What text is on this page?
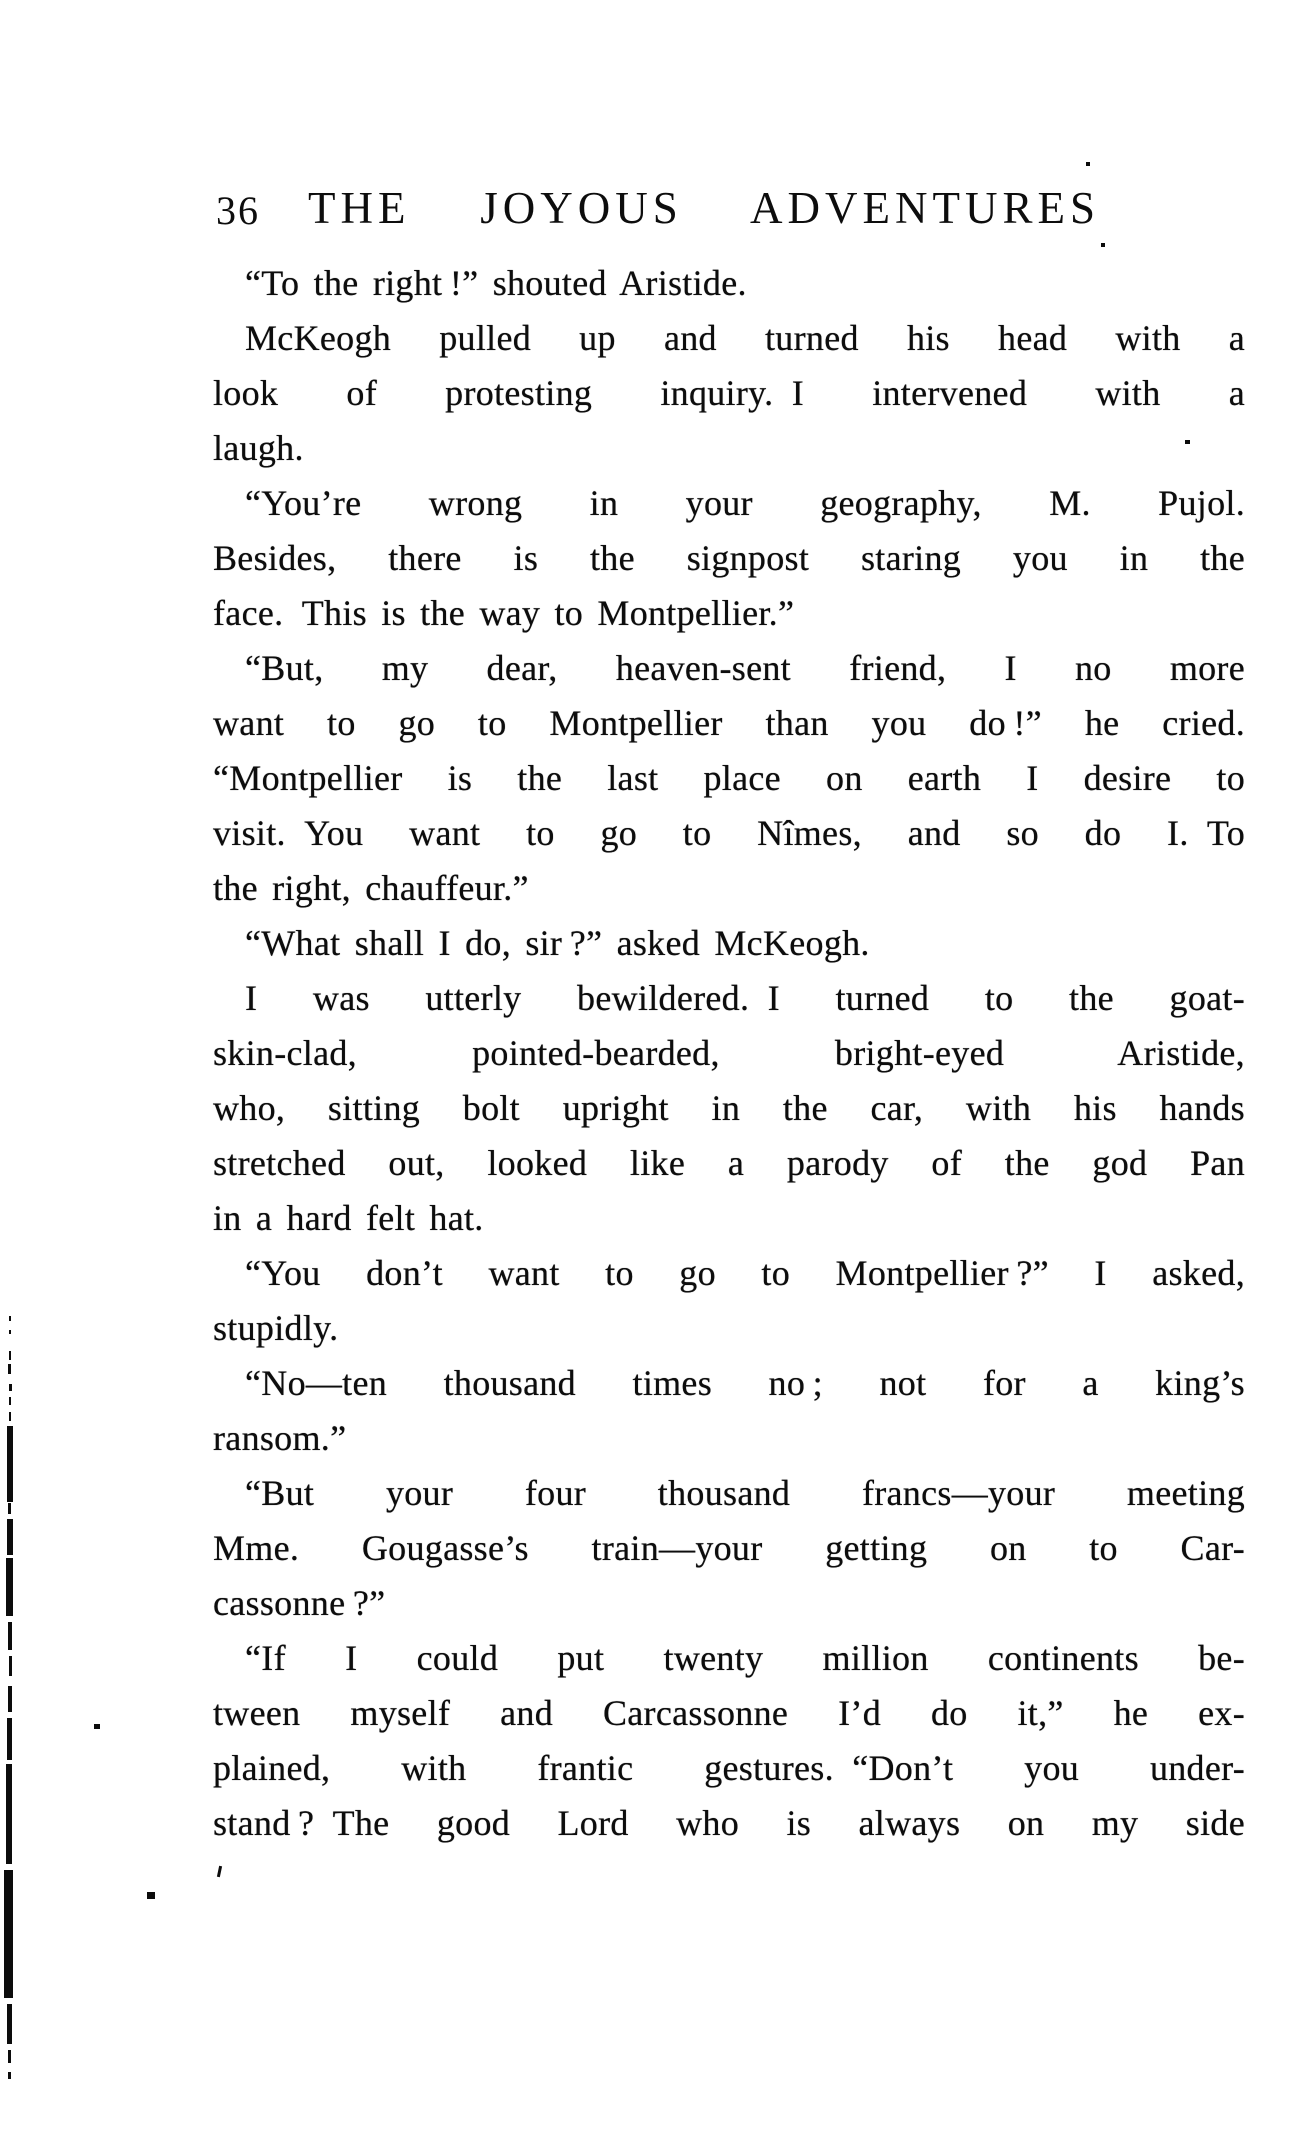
36 THE JOYOUS ADVENTURES
“To the right !” shouted Aristide.
McKeogh pulled up and turned his head with a
look of protesting inquiry. I intervened with a
laugh.
“You’re wrong in your geography, M. Pujol.
Besides, there is the signpost staring you in the
face. This is the way to Montpellier.”
“But, my dear, heaven-sent friend, I no more
want to go to Montpellier than you do !” he cried.
“Montpellier is the last place on earth I desire to
visit. You want to go to Nîmes, and so do I. To
the right, chauffeur.”
“What shall I do, sir ?” asked McKeogh.
I was utterly bewildered. I turned to the goat-
skin-clad, pointed-bearded, bright-eyed Aristide,
who, sitting bolt upright in the car, with his hands
stretched out, looked like a parody of the god Pan
in a hard felt hat.
“You don’t want to go to Montpellier ?” I asked,
stupidly.
“No—ten thousand times no ; not for a king’s
ransom.”
“But your four thousand francs—your meeting
Mme. Gougasse’s train—your getting on to Car-
cassonne ?”
“If I could put twenty million continents be-
tween myself and Carcassonne I’d do it,” he ex-
plained, with frantic gestures. “Don’t you under-
stand ? The good Lord who is always on my side
